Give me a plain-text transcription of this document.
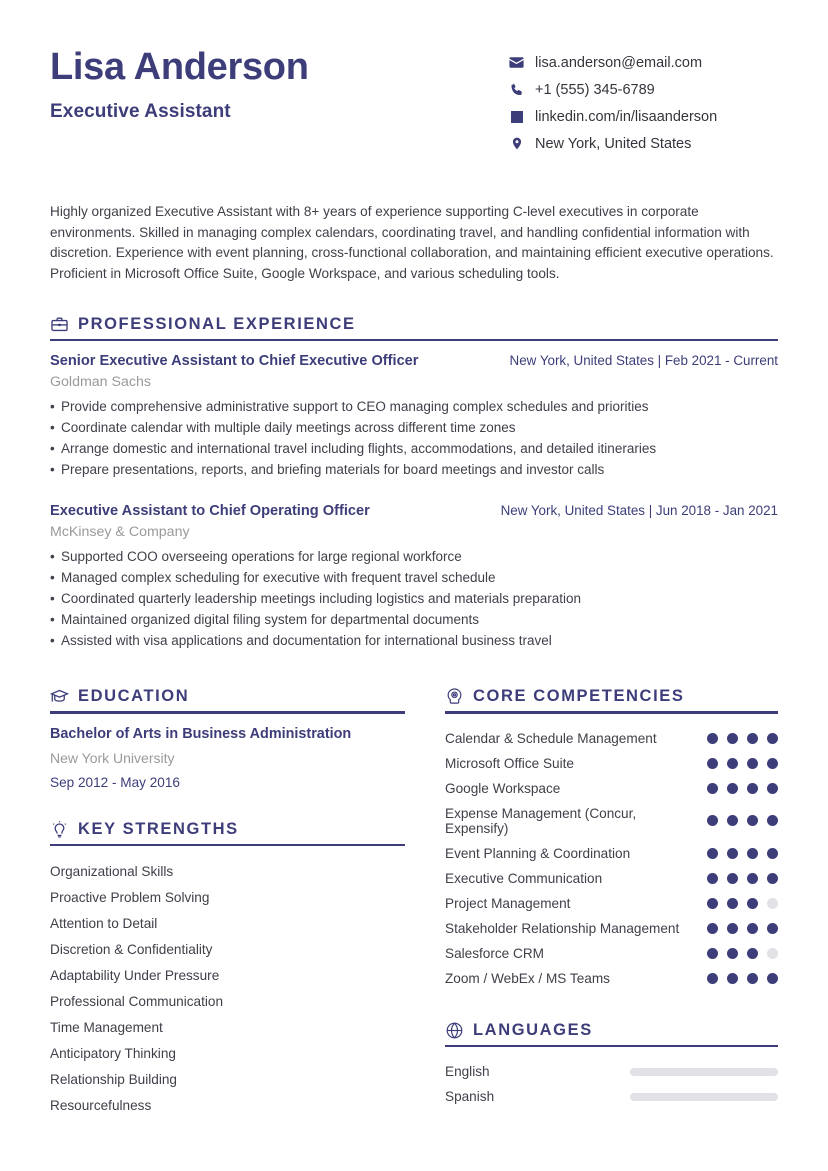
Lisa Anderson
Executive Assistant
lisa.anderson@email.com
+1 (555) 345-6789
linkedin.com/in/lisaanderson
New York, United States
Highly organized Executive Assistant with 8+ years of experience supporting C-level executives in corporate environments. Skilled in managing complex calendars, coordinating travel, and handling confidential information with discretion. Experience with event planning, cross-functional collaboration, and maintaining efficient executive operations. Proficient in Microsoft Office Suite, Google Workspace, and various scheduling tools.
PROFESSIONAL EXPERIENCE
Senior Executive Assistant to Chief Executive Officer	New York, United States | Feb 2021 - Current
Goldman Sachs
• Provide comprehensive administrative support to CEO managing complex schedules and priorities
• Coordinate calendar with multiple daily meetings across different time zones
• Arrange domestic and international travel including flights, accommodations, and detailed itineraries
• Prepare presentations, reports, and briefing materials for board meetings and investor calls
Executive Assistant to Chief Operating Officer	New York, United States | Jun 2018 - Jan 2021
McKinsey & Company
• Supported COO overseeing operations for large regional workforce
• Managed complex scheduling for executive with frequent travel schedule
• Coordinated quarterly leadership meetings including logistics and materials preparation
• Maintained organized digital filing system for departmental documents
• Assisted with visa applications and documentation for international business travel
EDUCATION
Bachelor of Arts in Business Administration
New York University
Sep 2012 - May 2016
KEY STRENGTHS
Organizational Skills
Proactive Problem Solving
Attention to Detail
Discretion & Confidentiality
Adaptability Under Pressure
Professional Communication
Time Management
Anticipatory Thinking
Relationship Building
Resourcefulness
CORE COMPETENCIES
Calendar & Schedule Management
Microsoft Office Suite
Google Workspace
Expense Management (Concur, Expensify)
Event Planning & Coordination
Executive Communication
Project Management
Stakeholder Relationship Management
Salesforce CRM
Zoom / WebEx / MS Teams
LANGUAGES
English
Spanish
